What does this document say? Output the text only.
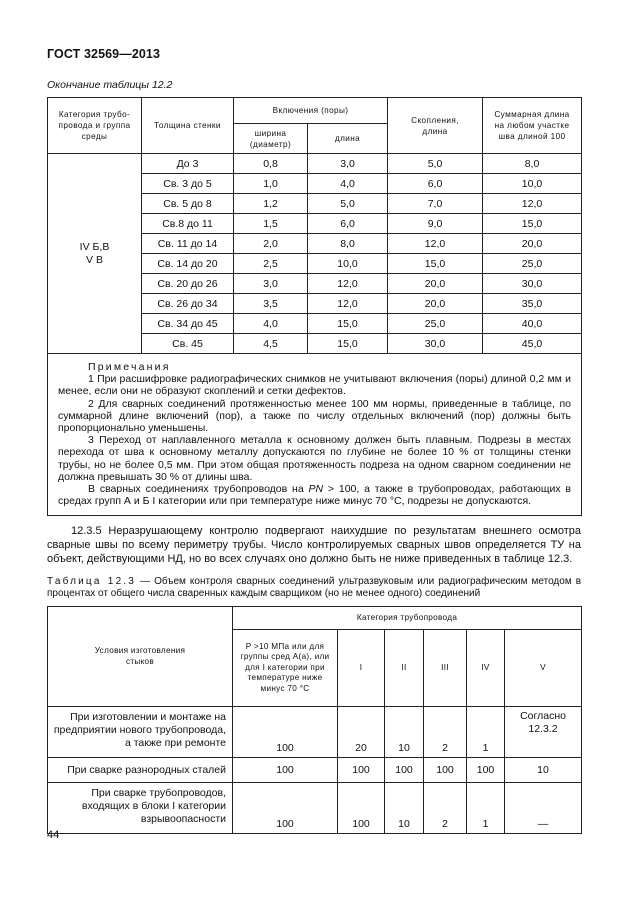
ГОСТ 32569—2013
Окончание таблицы 12.2
Категория трубо-провода и группа среды	Толщина стенки	Включения (поры)		Скопления, длина	Суммарная длина на любом участке шва длиной 100
		ширина (диаметр)	длина		
IV Б,В
V В	До 3	0,8	3,0	5,0	8,0
	Св. 3 до 5	1,0	4,0	6,0	10,0
	Св. 5 до 8	1,2	5,0	7,0	12,0
	Св.8 до 11	1,5	6,0	9,0	15,0
	Св. 11 до 14	2,0	8,0	12,0	20,0
	Св. 14 до 20	2,5	10,0	15,0	25,0
	Св. 20 до 26	3,0	12,0	20,0	30,0
	Св. 26 до 34	3,5	12,0	20,0	35,0
	Св. 34 до 45	4,0	15,0	25,0	40,0
	Св. 45	4,5	15,0	30,0	45,0

Примечания

1 При расшифровке радиографических снимков не учитывают включения (поры) длиной 0,2 мм и менее, если они не образуют скоплений и сетки дефектов.

2 Для сварных соединений протяженностью менее 100 мм нормы, приведенные в таблице, по суммарной длине включений (пор), а также по числу отдельных включений (пор) должны быть пропорционально уменьшены.

3 Переход от наплавленного металла к основному должен быть плавным. Подрезы в местах перехода от шва к основному металлу допускаются по глубине не более 10 % от толщины стенки трубы, но не более 0,5 мм. При этом общая протяженность подреза на одном сварном соединении не должна превышать 30 % от длины шва.

В сварных соединениях трубопроводов на PN > 100, а также в трубопроводах, работающих в средах групп А и Б I категории или при температуре ниже минус 70 °С, подрезы не допускаются.					

12.3.5 Неразрушающему контролю подвергают наихудшие по результатам внешнего осмотра сварные швы по всему периметру трубы. Число контролируемых сварных швов определяется ТУ на объект, действующими НД, но во всех случаях оно должно быть не ниже приведенных в таблице 12.3.
Таблица 12.3 — Объем контроля сварных соединений ультразвуковым или радиографическим методом в процентах от общего числа сваренных каждым сварщиком (но не менее одного) соединений
Условия изготовления стыков	Категория трубопровода					
	P >10 МПа или для группы сред А(а), или для I категории при температуре ниже минус 70 °С	I	II	III	IV	V
При изготовлении и монтаже на предприятии нового трубопровода, а также при ремонте	100	20	10	2	1	Согласно 12.3.2
При сварке разнородных сталей	100	100	100	100	100	10
При сварке трубопроводов, входящих в блоки I категории взрывоопасности	100	100	10	2	1	—
44
